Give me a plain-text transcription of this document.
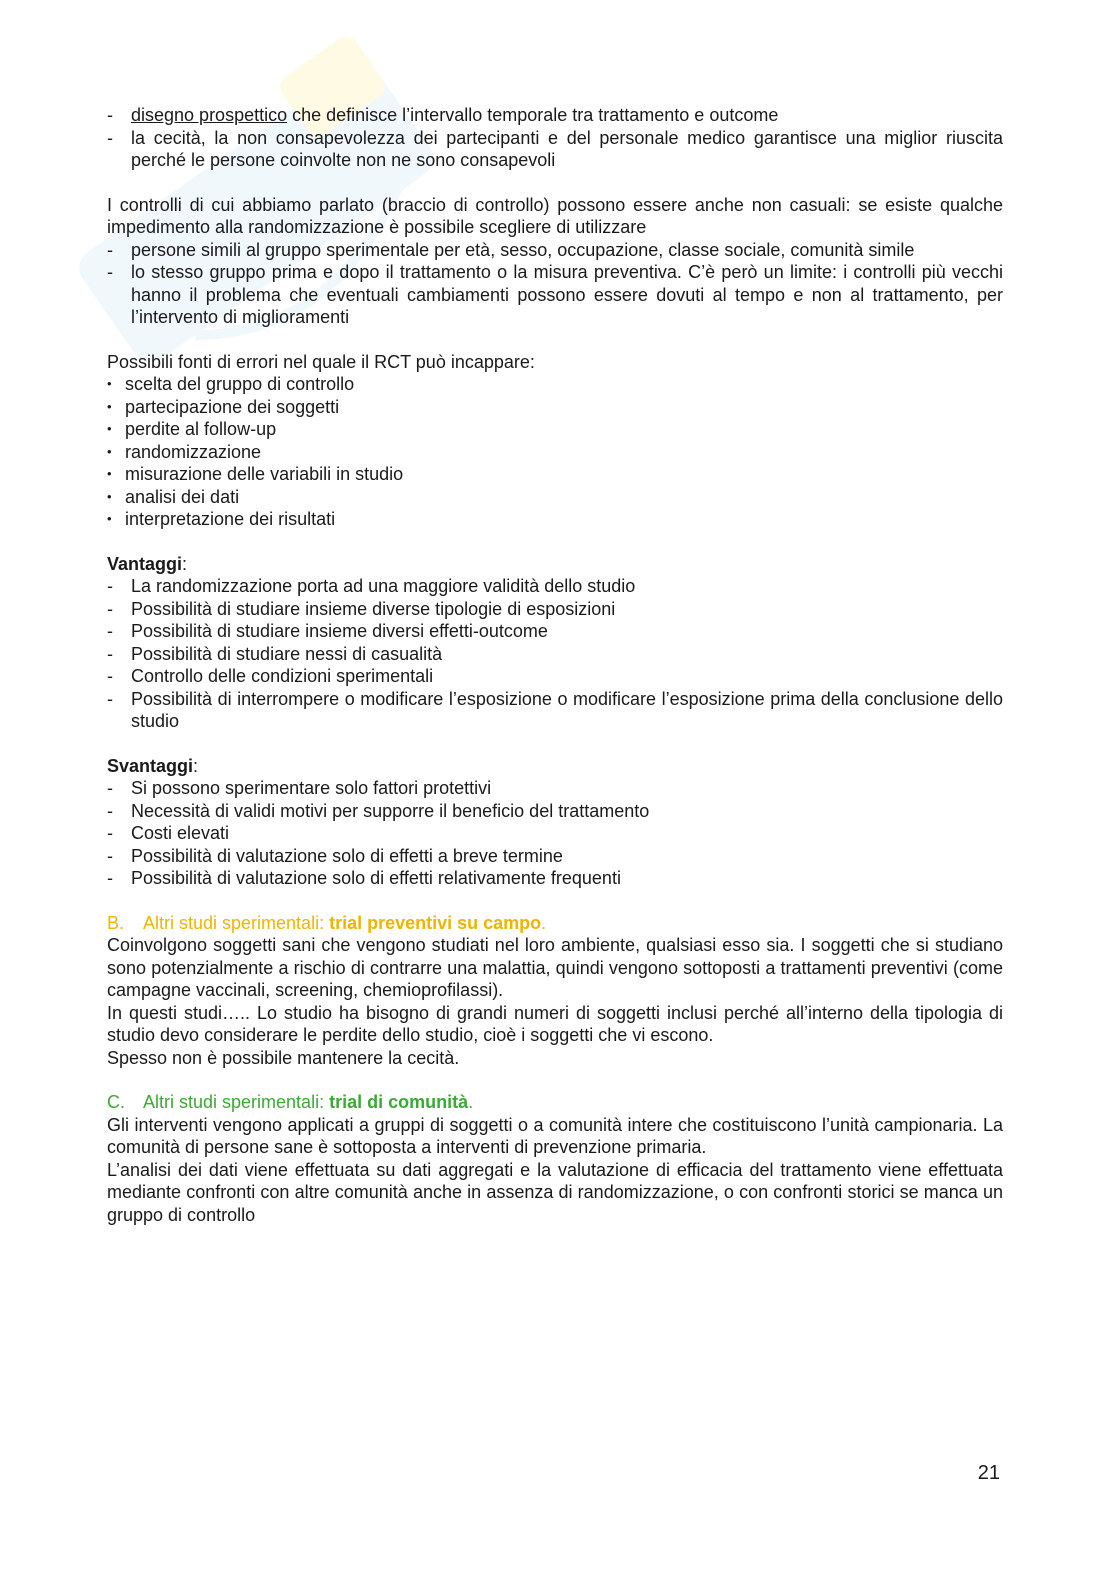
- disegno prospettico che definisce l’intervallo temporale tra trattamento e outcome
- la cecità, la non consapevolezza dei partecipanti e del personale medico garantisce una miglior riuscita perché le persone coinvolte non ne sono consapevoli

I controlli di cui abbiamo parlato (braccio di controllo) possono essere anche non casuali: se esiste qualche impedimento alla randomizzazione è possibile scegliere di utilizzare

- persone simili al gruppo sperimentale per età, sesso, occupazione, classe sociale, comunità simile
- lo stesso gruppo prima e dopo il trattamento o la misura preventiva. C’è però un limite: i controlli più vecchi hanno il problema che eventuali cambiamenti possono essere dovuti al tempo e non al trattamento, per l’intervento di miglioramenti

Possibili fonti di errori nel quale il RCT può incappare:

• scelta del gruppo di controllo
• partecipazione dei soggetti
• perdite al follow-up
• randomizzazione
• misurazione delle variabili in studio
• analisi dei dati
• interpretazione dei risultati

Vantaggi:

- La randomizzazione porta ad una maggiore validità dello studio
- Possibilità di studiare insieme diverse tipologie di esposizioni
- Possibilità di studiare insieme diversi effetti-outcome
- Possibilità di studiare nessi di casualità
- Controllo delle condizioni sperimentali
- Possibilità di interrompere o modificare l’esposizione o modificare l’esposizione prima della conclusione dello studio

Svantaggi:

- Si possono sperimentare solo fattori protettivi
- Necessità di validi motivi per supporre il beneficio del trattamento
- Costi elevati
- Possibilità di valutazione solo di effetti a breve termine
- Possibilità di valutazione solo di effetti relativamente frequenti

B. Altri studi sperimentali: trial preventivi su campo.

Coinvolgono soggetti sani che vengono studiati nel loro ambiente, qualsiasi esso sia. I soggetti che si studiano sono potenzialmente a rischio di contrarre una malattia, quindi vengono sottoposti a trattamenti preventivi (come campagne vaccinali, screening, chemioprofilassi).

In questi studi….. Lo studio ha bisogno di grandi numeri di soggetti inclusi perché all’interno della tipologia di studio devo considerare le perdite dello studio, cioè i soggetti che vi escono.

Spesso non è possibile mantenere la cecità.

C. Altri studi sperimentali: trial di comunità.

Gli interventi vengono applicati a gruppi di soggetti o a comunità intere che costituiscono l’unità campionaria. La comunità di persone sane è sottoposta a interventi di prevenzione primaria.

L’analisi dei dati viene effettuata su dati aggregati e la valutazione di efficacia del trattamento viene effettuata mediante confronti con altre comunità anche in assenza di randomizzazione, o con confronti storici se manca un gruppo di controllo

21
